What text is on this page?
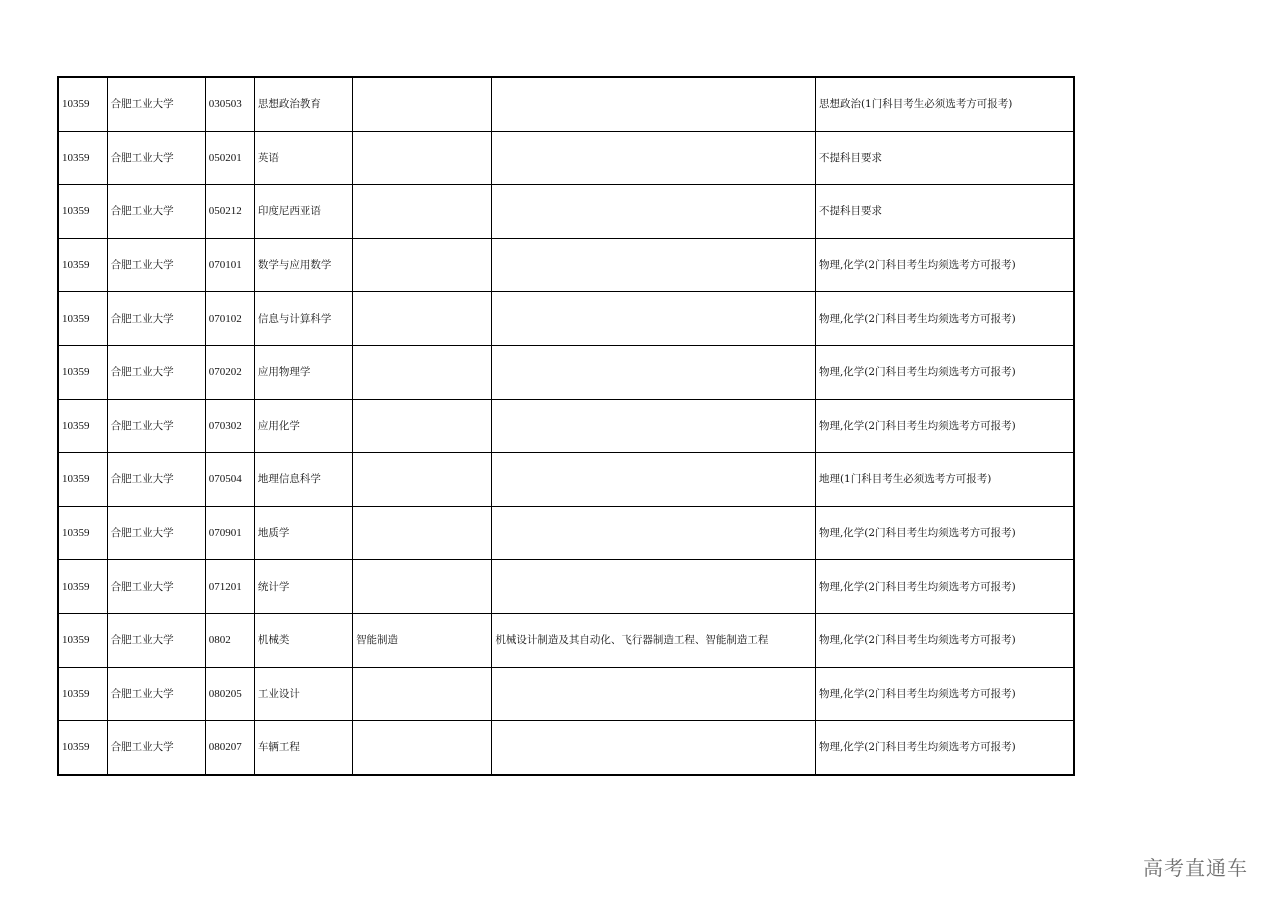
10359	合肥工业大学	030503	思想政治教育			思想政治(1门科目考生必须选考方可报考)
10359	合肥工业大学	050201	英语			不提科目要求
10359	合肥工业大学	050212	印度尼西亚语			不提科目要求
10359	合肥工业大学	070101	数学与应用数学			物理,化学(2门科目考生均须选考方可报考)
10359	合肥工业大学	070102	信息与计算科学			物理,化学(2门科目考生均须选考方可报考)
10359	合肥工业大学	070202	应用物理学			物理,化学(2门科目考生均须选考方可报考)
10359	合肥工业大学	070302	应用化学			物理,化学(2门科目考生均须选考方可报考)
10359	合肥工业大学	070504	地理信息科学			地理(1门科目考生必须选考方可报考)
10359	合肥工业大学	070901	地质学			物理,化学(2门科目考生均须选考方可报考)
10359	合肥工业大学	071201	统计学			物理,化学(2门科目考生均须选考方可报考)
10359	合肥工业大学	0802	机械类	智能制造	机械设计制造及其自动化、飞行器制造工程、智能制造工程	物理,化学(2门科目考生均须选考方可报考)
10359	合肥工业大学	080205	工业设计			物理,化学(2门科目考生均须选考方可报考)
10359	合肥工业大学	080207	车辆工程			物理,化学(2门科目考生均须选考方可报考)
高考直通车
